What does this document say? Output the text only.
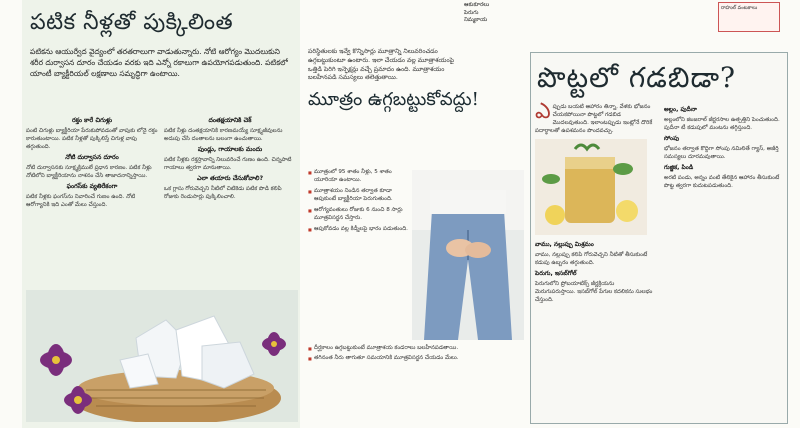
పటిక నీళ్లతో పుక్కిలింత
పటికను ఆయుర్వేద వైద్యంలో తరతరాలుగా వాడుతున్నారు. నోటి ఆరోగ్యం మొదలుకుని శరీర దుర్వాసన దూరం చేయడం వరకు ఇది ఎన్నో రకాలుగా ఉపయోగపడుతుంది. పటికలో యాంటీ బ్యాక్టీరియల్ లక్షణాలు సమృద్ధిగా ఉంటాయి.
రక్తం కారే చిగుళ్లు

పంటి చిగుళ్లు బ్యాక్టీరియా పేరుకుపోవడంతో వాపుకు లోనై రక్తం కారుతుంటాయి. పటిక నీళ్లతో పుక్కిలిస్తే చిగుళ్ల వాపు తగ్గుతుంది.

నోటి దుర్వాసన దూరం

నోటి దుర్వాసనకు సూక్ష్మక్రిములే ప్రధాన కారణం. పటిక నీళ్లు నోటిలోని బ్యాక్టీరియాను నాశనం చేసి తాజాదనాన్నిస్తాయి.

ఫంగస్‌కు వ్యతిరేకంగా

పటిక నీళ్లకు ఫంగస్‌ను నివారించే గుణం ఉంది. నోటి ఆరోగ్యానికి ఇది ఎంతో మేలు చేస్తుంది.

దంతక్షయానికి చెక్

పటిక నీళ్లు దంతక్షయానికి కారణమయ్యే సూక్ష్మజీవులను అదుపు చేసి దంతాలను బలంగా ఉంచుతాయి.

పుండ్లు, గాయాలకు మందు

పటిక నీళ్లకు రక్తస్రావాన్ని నిలువరించే గుణం ఉంది. చిన్నపాటి గాయాలు త్వరగా మానుతాయి.

ఎలా తయారు చేసుకోవాలి?

ఒక గ్లాసు గోరువెచ్చని నీటిలో చిటికెడు పటిక పొడి కలిపి రోజుకు రెండుసార్లు పుక్కిలించాలి.

పరిస్థితులకు ఇవ్వే కొన్నిసార్లు మూత్రాన్ని నిలువరించడం ఉగ్గబట్టుకుంటూ ఉంటారు. ఇలా చేయడం వల్ల మూత్రాశయంపై ఒత్తిడి పెరిగి ఇన్ఫెక్షన్లు వచ్చే ప్రమాదం ఉంది. మూత్రాశయం బలహీనపడి సమస్యలు తలెత్తుతాయి.
ఆకుకూరలు
పెరుగు
నిమ్మకాయ
మూత్రం ఉగ్గబట్టుకోవద్దు!
■ మూత్రంలో 95 శాతం నీళ్లు, 5 శాతం యూరియా ఉంటాయి.
■ మూత్రాశయం నిండిన తర్వాత కూడా ఆపుకుంటే బ్యాక్టీరియా పెరుగుతుంది.
■ ఆరోగ్యవంతులు రోజుకు 6 నుంచి 8 సార్లు మూత్రవిసర్జన చేస్తారు.
■ ఆపుకోవడం వల్ల కిడ్నీలపై భారం పడుతుంది.
■ దీర్ఘకాలం ఉగ్గబట్టుకుంటే మూత్రాశయ కండరాలు బలహీనపడతాయి.
■ తగినంత నీరు తాగుతూ సమయానికి మూత్రవిసర్జన చేయడం మేలు.
రాహుల్ వంటకాలు
పొట్టలో గడబిడా?

ఎప్పుడు బయటి ఆహారం తిన్నా, వేళకు భోజనం చేయకపోయినా పొట్టలో గడబిడ మొదలవుతుంది. ఇలాంటప్పుడు ఇంట్లోనే దొరికే పదార్థాలతో ఉపశమనం పొందవచ్చు.

వాము, నల్లుప్పు మిశ్రమం

వాము, నల్లుప్పు కలిపి గోరువెచ్చని నీటితో తీసుకుంటే కడుపు ఉబ్బరం తగ్గుతుంది.

పెరుగు, ఇసబ్‌గోల్

పెరుగులోని ప్రోబయాటిక్స్ జీర్ణక్రియను మెరుగుపరుస్తాయి. ఇసబ్‌గోల్ పేగుల కదలికను సులభం చేస్తుంది.

అల్లం, పుదీనా

అల్లంలోని జింజరాల్ జీర్ణరసాల ఉత్పత్తిని పెంచుతుంది. పుదీనా టీ కడుపులో మంటను తగ్గిస్తుంది.

సోంపు

భోజనం తర్వాత కొద్దిగా సోంపు నమిలితే గ్యాస్, అజీర్తి సమస్యలు దూరమవుతాయి.

గుజ్జిక, పిండి

అరటి పండు, అన్నం వంటి తేలికైన ఆహారం తీసుకుంటే పొట్ట త్వరగా కుదుటపడుతుంది.
